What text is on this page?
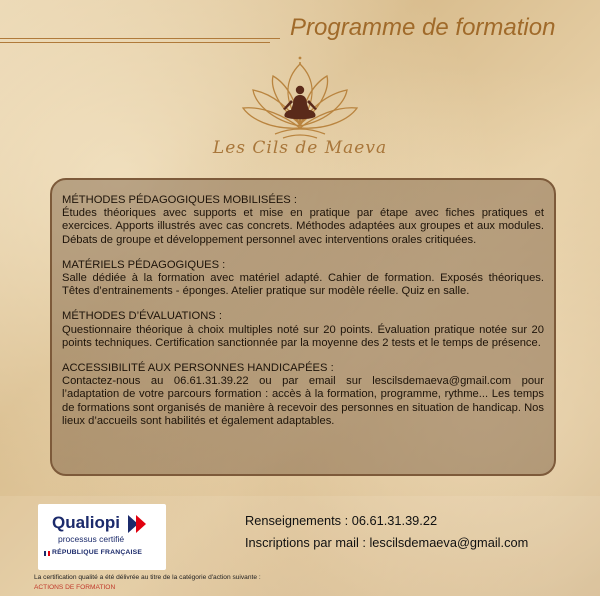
Programme de formation
Les Cils de Maeva
MÉTHODES PÉDAGOGIQUES MOBILISÉES :
Études théoriques avec supports et mise en pratique par étape avec fiches pratiques et exercices. Apports illustrés avec cas concrets. Méthodes adaptées aux groupes et aux modules. Débats de groupe et développement personnel avec interventions orales critiquées.
MATÉRIELS PÉDAGOGIQUES :
Salle dédiée à la formation avec matériel adapté. Cahier de formation. Exposés théoriques. Têtes d’entrainements - éponges. Atelier pratique sur modèle réelle. Quiz en salle.
MÉTHODES D’ÉVALUATIONS :
Questionnaire théorique à choix multiples noté sur 20 points. Évaluation pratique notée sur 20 points techniques. Certification sanctionnée par la moyenne des 2 tests et le temps de présence.
ACCESSIBILITÉ AUX PERSONNES HANDICAPÉES :
Contactez-nous au 06.61.31.39.22 ou par email sur lescilsdemaeva@gmail.com pour l’adaptation de votre parcours formation : accès à la formation, programme, rythme... Les temps de formations sont organisés de manière à recevoir des personnes en situation de handicap. Nos lieux d’accueils sont habilités et également adaptables.
Qualiopi
processus certifié
RÉPUBLIQUE FRANÇAISE
Renseignements : 06.61.31.39.22
Inscriptions par mail : lescilsdemaeva@gmail.com
La certification qualité a été délivrée au titre de la catégorie d'action suivante :
ACTIONS DE FORMATION
